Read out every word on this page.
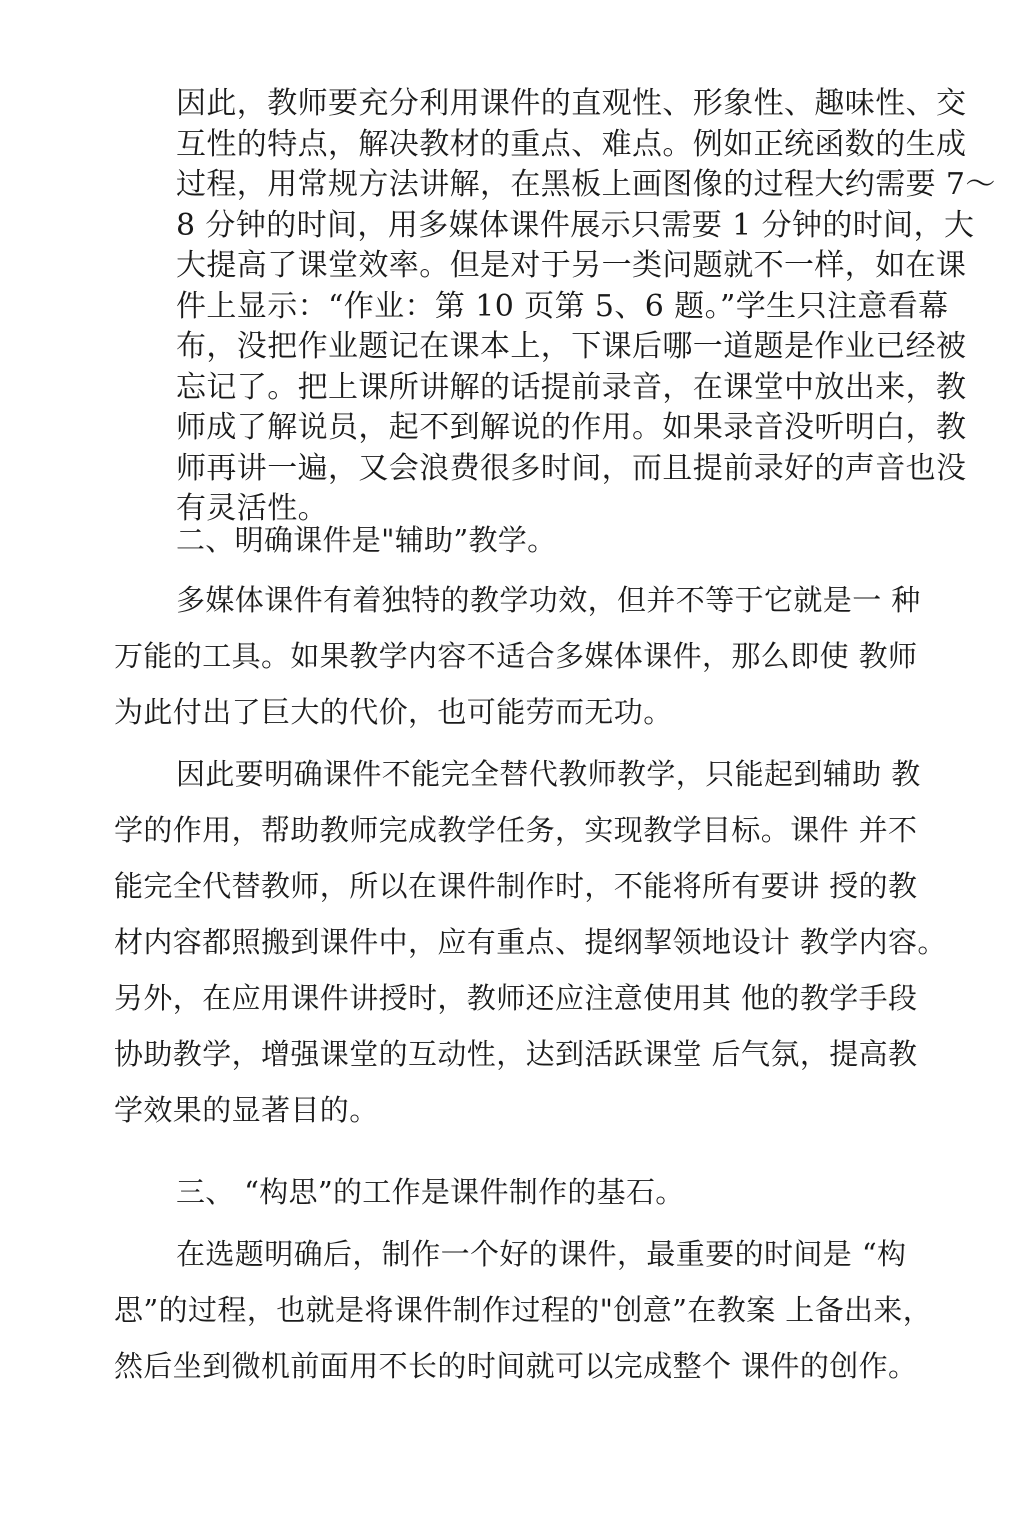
因此，教师要充分利用课件的直观性、形象性、趣味性、交
互性的特点，解决教材的重点、难点。例如正统函数的生成
过程，用常规方法讲解，在黑板上画图像的过程大约需要 7～
8 分钟的时间，用多媒体课件展示只需要 1 分钟的时间，大
大提高了课堂效率。但是对于另一类问题就不一样，如在课
件上显示：“作业：第 10 页第 5、6 题。”学生只注意看幕
布，没把作业题记在课本上，下课后哪一道题是作业已经被
忘记了。把上课所讲解的话提前录音，在课堂中放出来，教
师成了解说员，起不到解说的作用。如果录音没听明白，教
师再讲一遍，又会浪费很多时间，而且提前录好的声音也没
有灵活性。
二、明确课件是"辅助”教学。
多媒体课件有着独特的教学功效，但并不等于它就是一 种
万能的工具。如果教学内容不适合多媒体课件，那么即使 教师
为此付出了巨大的代价，也可能劳而无功。
因此要明确课件不能完全替代教师教学，只能起到辅助 教
学的作用，帮助教师完成教学任务，实现教学目标。课件 并不
能完全代替教师，所以在课件制作时，不能将所有要讲 授的教
材内容都照搬到课件中，应有重点、提纲挈领地设计 教学内容。
另外，在应用课件讲授时，教师还应注意使用其 他的教学手段
协助教学，增强课堂的互动性，达到活跃课堂 后气氛，提高教
学效果的显著目的。
三、 “构思”的工作是课件制作的基石。
在选题明确后，制作一个好的课件，最重要的时间是 “构
思”的过程，也就是将课件制作过程的"创意”在教案 上备出来，
然后坐到微机前面用不长的时间就可以完成整个 课件的创作。
